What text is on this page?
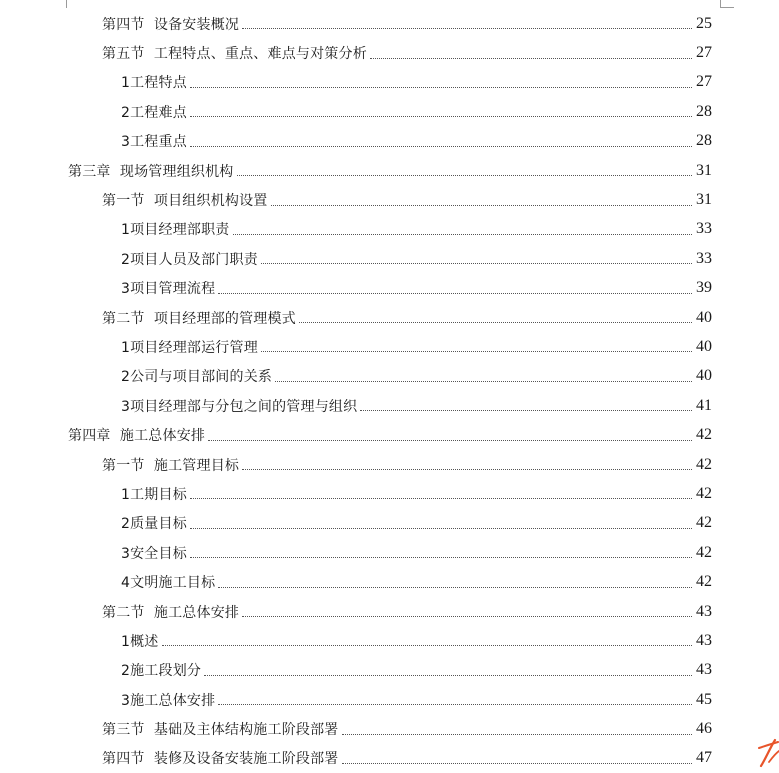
第四节  设备安装概况	25
第五节  工程特点、重点、难点与对策分析	27
1工程特点	27
2工程难点	28
3工程重点	28
第三章  现场管理组织机构	31
第一节  项目组织机构设置	31
1项目经理部职责	33
2项目人员及部门职责	33
3项目管理流程	39
第二节  项目经理部的管理模式	40
1项目经理部运行管理	40
2公司与项目部间的关系	40
3项目经理部与分包之间的管理与组织	41
第四章  施工总体安排	42
第一节  施工管理目标	42
1工期目标	42
2质量目标	42
3安全目标	42
4文明施工目标	42
第二节  施工总体安排	43
1概述	43
2施工段划分	43
3施工总体安排	45
第三节  基础及主体结构施工阶段部署	46
第四节  装修及设备安装施工阶段部署	47
